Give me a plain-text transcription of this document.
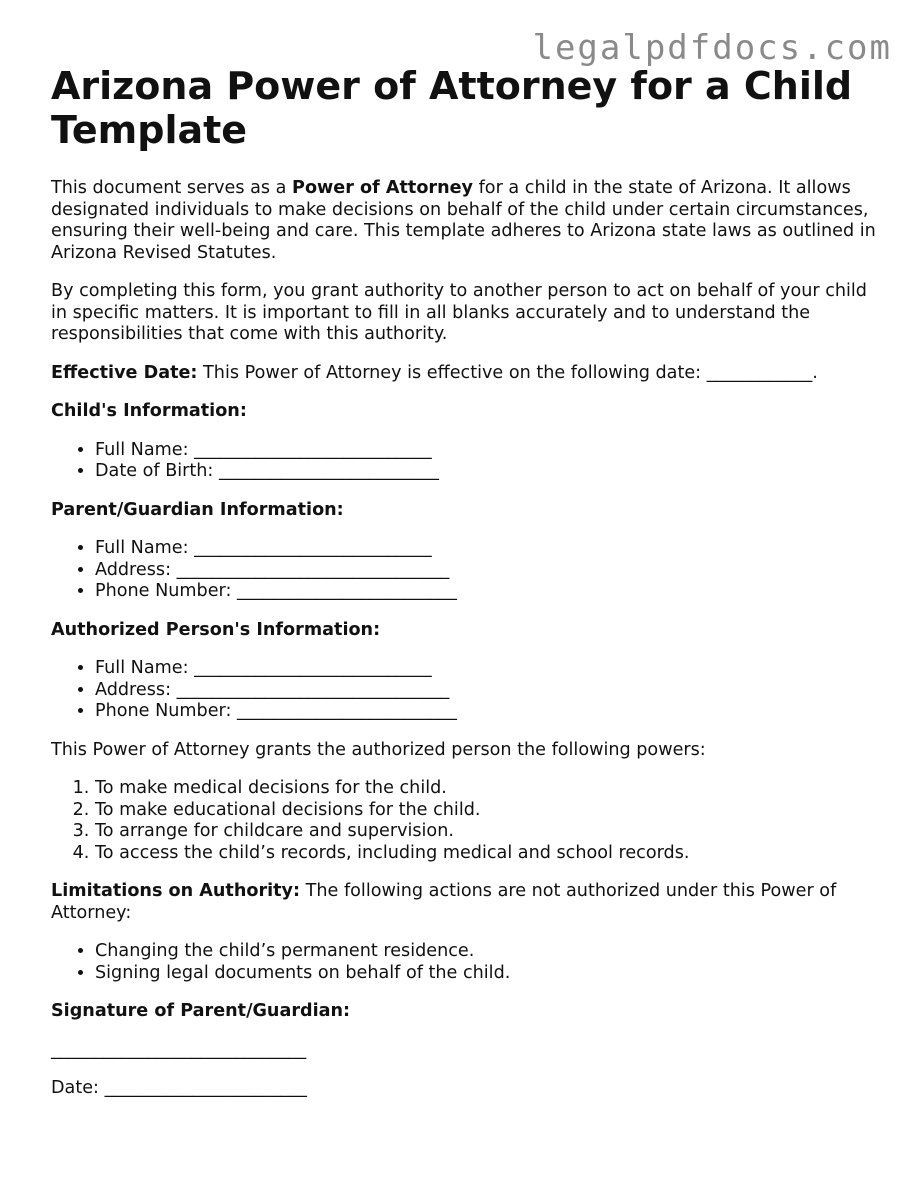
legalpdfdocs.com
Arizona Power of Attorney for a Child Template

This document serves as a Power of Attorney for a child in the state of Arizona. It allows designated individuals to make decisions on behalf of the child under certain circumstances, ensuring their well-being and care. This template adheres to Arizona state laws as outlined in Arizona Revised Statutes.

By completing this form, you grant authority to another person to act on behalf of your child in specific matters. It is important to fill in all blanks accurately and to understand the responsibilities that come with this authority.

Effective Date: This Power of Attorney is effective on the following date: ____________.

Child's Information:

• Full Name: ___________________________
• Date of Birth: _________________________

Parent/Guardian Information:

• Full Name: ___________________________
• Address: _______________________________
• Phone Number: _________________________

Authorized Person's Information:

• Full Name: ___________________________
• Address: _______________________________
• Phone Number: _________________________

This Power of Attorney grants the authorized person the following powers:

1. To make medical decisions for the child.
2. To make educational decisions for the child.
3. To arrange for childcare and supervision.
4. To access the child’s records, including medical and school records.

Limitations on Authority: The following actions are not authorized under this Power of Attorney:

• Changing the child’s permanent residence.
• Signing legal documents on behalf of the child.

Signature of Parent/Guardian:

_____________________________

Date: _______________________
